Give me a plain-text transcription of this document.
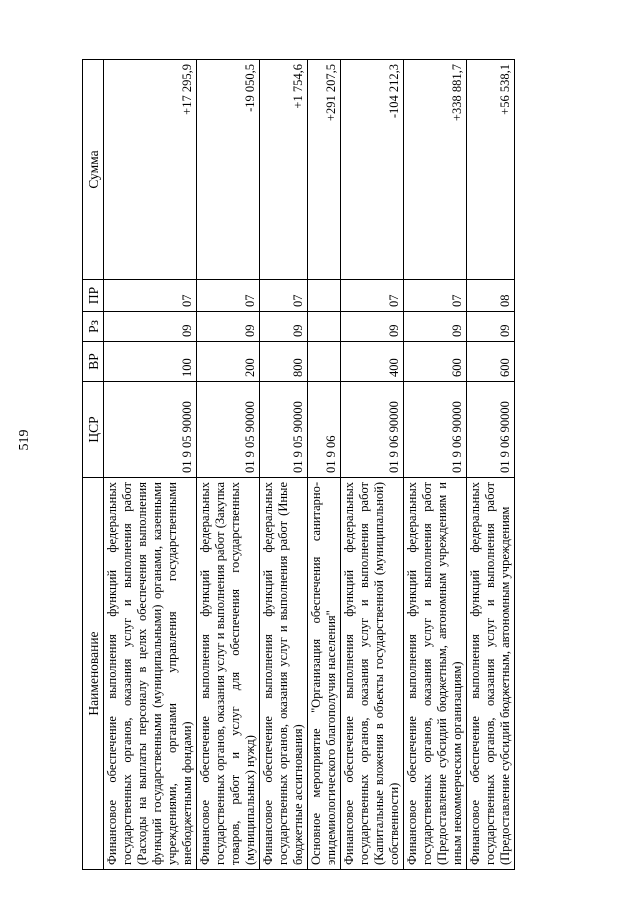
519
Наименование	ЦСР	ВР	Рз	ПР	Сумма
Финансовое обеспечение выполнения функций федеральных государственных органов, оказания услуг и выполнения работ (Расходы на выплаты персоналу в целях обеспечения выполнения функций государственными (муниципальными) органами, казенными учреждениями, органами управления государственными внебюджетными фондами)	01 9 05 90000	100	09	07	+17 295,9
Финансовое обеспечение выполнения функций федеральных государственных органов, оказания услуг и выполнения работ (Закупка товаров, работ и услуг для обеспечения государственных (муниципальных) нужд)	01 9 05 90000	200	09	07	-19 050,5
Финансовое обеспечение выполнения функций федеральных государственных органов, оказания услуг и выполнения работ (Иные бюджетные ассигнования)	01 9 05 90000	800	09	07	+1 754,6
Основное мероприятие "Организация обеспечения санитарно-эпидемиологического благополучия населения"	01 9 06				+291 207,5
Финансовое обеспечение выполнения функций федеральных государственных органов, оказания услуг и выполнения работ (Капитальные вложения в объекты государственной (муниципальной) собственности)	01 9 06 90000	400	09	07	-104 212,3
Финансовое обеспечение выполнения функций федеральных государственных органов, оказания услуг и выполнения работ (Предоставление субсидий бюджетным, автономным учреждениям и иным некоммерческим организациям)	01 9 06 90000	600	09	07	+338 881,7
Финансовое обеспечение выполнения функций федеральных государственных органов, оказания услуг и выполнения работ (Предоставление субсидий бюджетным, автономным учреждениям	01 9 06 90000	600	09	08	+56 538,1
